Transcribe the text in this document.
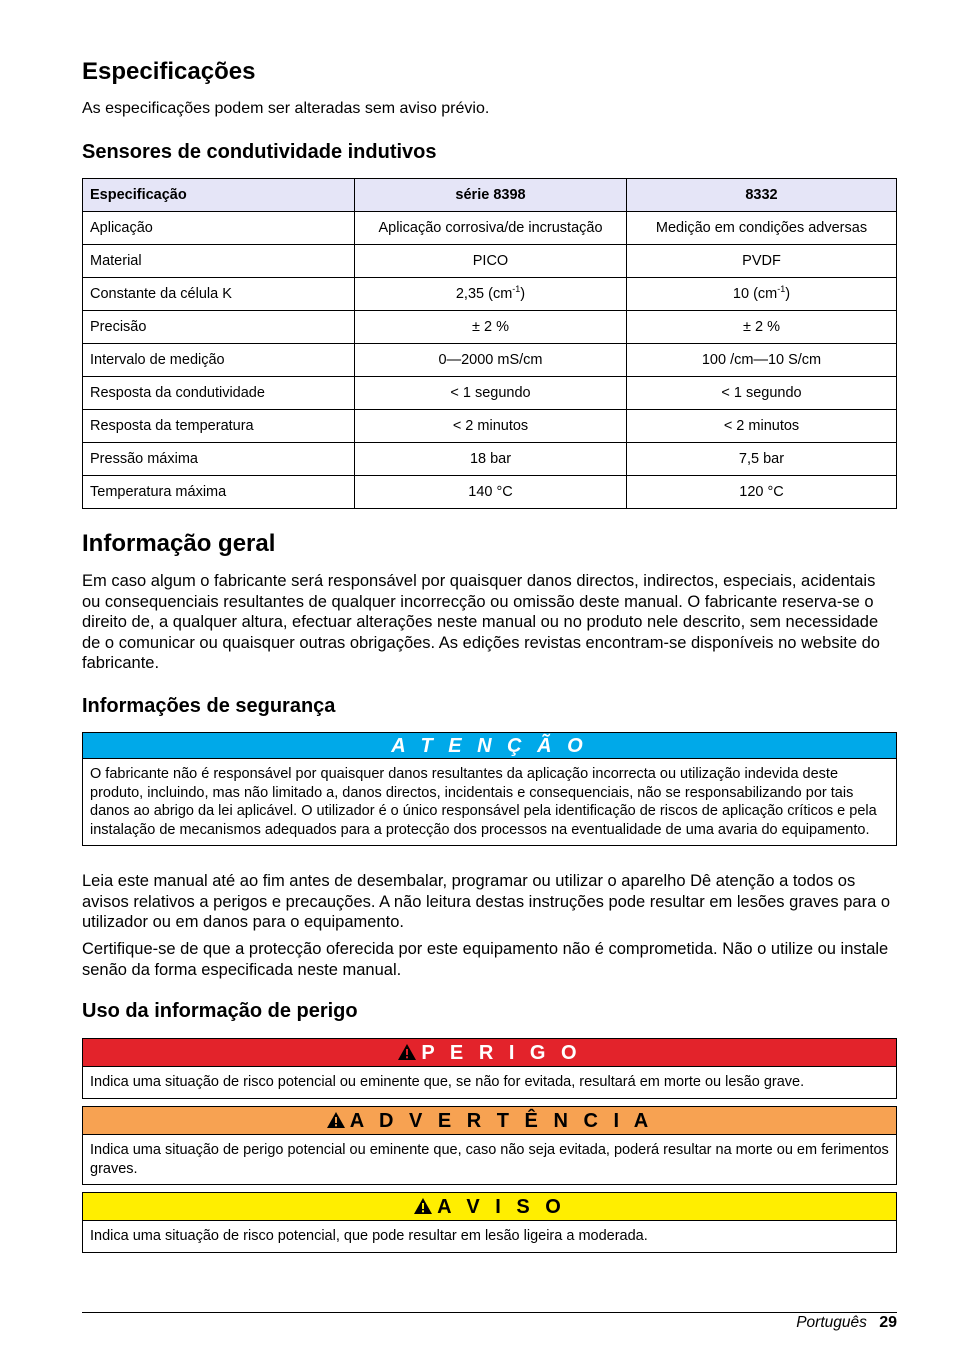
Especificações

As especificações podem ser alteradas sem aviso prévio.

Sensores de condutividade indutivos
Especificação	série 8398	8332
Aplicação	Aplicação corrosiva/de incrustação	Medição em condições adversas
Material	PICO	PVDF
Constante da célula K	2,35 $(cm^{-1})$	10 $(cm^{-1})$
Precisão	± 2 %	± 2 %
Intervalo de medição	0—2000 mS/cm	100 /cm—10 S/cm
Resposta da condutividade	< 1 segundo	< 1 segundo
Resposta da temperatura	< 2 minutos	< 2 minutos
Pressão máxima	18 bar	7,5 bar
Temperatura máxima	140 °C	120 °C
Informação geral

Em caso algum o fabricante será responsável por quaisquer danos directos, indirectos, especiais, acidentais ou consequenciais resultantes de qualquer incorrecção ou omissão deste manual. O fabricante reserva-se o direito de, a qualquer altura, efectuar alterações neste manual ou no produto nele descrito, sem necessidade de o comunicar ou quaisquer outras obrigações. As edições revistas encontram-se disponíveis no website do fabricante.

Informações de segurança
A T E N Ç Ã O
O fabricante não é responsável por quaisquer danos resultantes da aplicação incorrecta ou utilização indevida deste produto, incluindo, mas não limitado a, danos directos, incidentais e consequenciais, não se responsabilizando por tais danos ao abrigo da lei aplicável. O utilizador é o único responsável pela identificação de riscos de aplicação críticos e pela instalação de mecanismos adequados para a protecção dos processos na eventualidade de uma avaria do equipamento.

Leia este manual até ao fim antes de desembalar, programar ou utilizar o aparelho Dê atenção a todos os avisos relativos a perigos e precauções. A não leitura destas instruções pode resultar em lesões graves para o utilizador ou em danos para o equipamento.

Certifique-se de que a protecção oferecida por este equipamento não é comprometida. Não o utilize ou instale senão da forma especificada neste manual.

Uso da informação de perigo
P E R I G O
Indica uma situação de risco potencial ou eminente que, se não for evitada, resultará em morte ou lesão grave.
A D V E R T Ê N C I A
Indica uma situação de perigo potencial ou eminente que, caso não seja evitada, poderá resultar na morte ou em ferimentos graves.
A V I S O
Indica uma situação de risco potencial, que pode resultar em lesão ligeira a moderada.
Português 29
